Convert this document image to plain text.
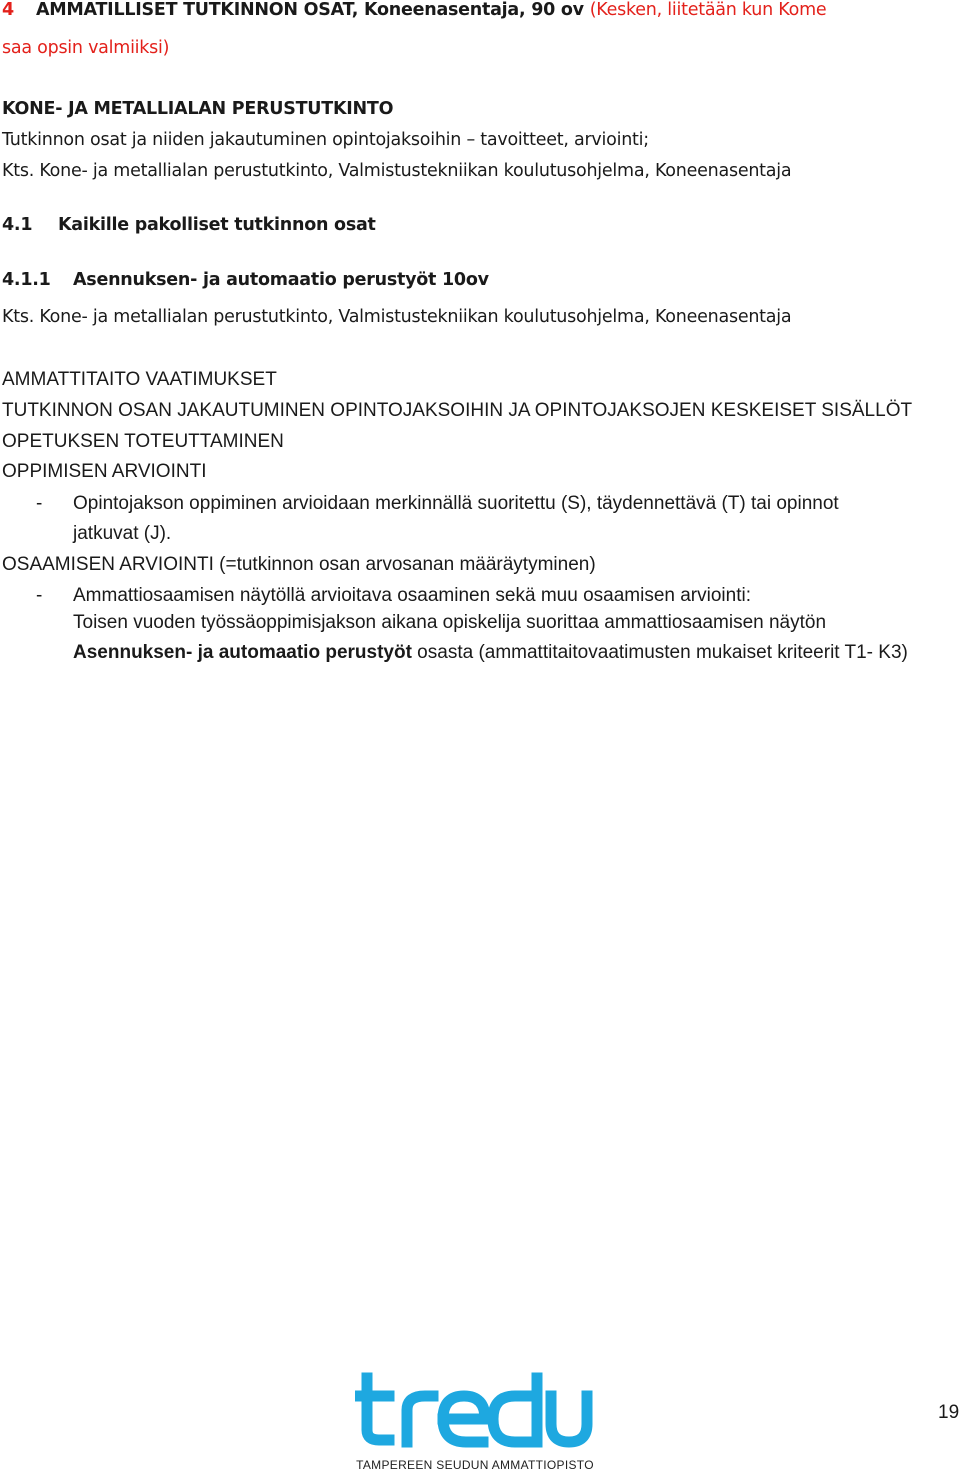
4 AMMATILLISET TUTKINNON OSAT, Koneenasentaja, 90 ov (Kesken, liitetään kun Kome
saa opsin valmiiksi)
KONE- JA METALLIALAN PERUSTUTKINTO
Tutkinnon osat ja niiden jakautuminen opintojaksoihin – tavoitteet, arviointi;
Kts. Kone- ja metallialan perustutkinto, Valmistustekniikan koulutusohjelma, Koneenasentaja
4.1 Kaikille pakolliset tutkinnon osat
4.1.1 Asennuksen- ja automaatio perustyöt 10ov
Kts. Kone- ja metallialan perustutkinto, Valmistustekniikan koulutusohjelma, Koneenasentaja
AMMATTITAITO VAATIMUKSET
TUTKINNON OSAN JAKAUTUMINEN OPINTOJAKSOIHIN JA OPINTOJAKSOJEN KESKEISET SISÄLLÖT
OPETUKSEN TOTEUTTAMINEN
OPPIMISEN ARVIOINTI
- Opintojakson oppiminen arvioidaan merkinnällä suoritettu (S), täydennettävä (T) tai opinnot
jatkuvat (J).
OSAAMISEN ARVIOINTI (=tutkinnon osan arvosanan määräytyminen)
- Ammattiosaamisen näytöllä arvioitava osaaminen sekä muu osaamisen arviointi:
Toisen vuoden työssäoppimisjakson aikana opiskelija suorittaa ammattiosaamisen näytön
Asennuksen- ja automaatio perustyöt osasta (ammattitaitovaatimusten mukaiset kriteerit T1- K3)
TAMPEREEN SEUDUN AMMATTIOPISTO
19
